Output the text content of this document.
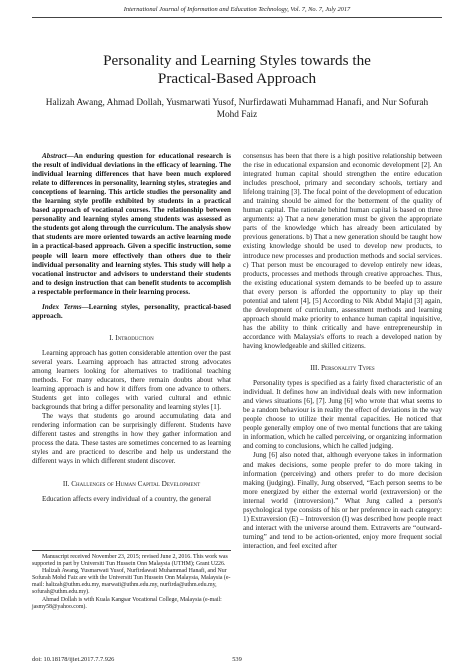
International Journal of Information and Education Technology, Vol. 7, No. 7, July 2017
Personality and Learning Styles towards the
Practical-Based Approach
Halizah Awang, Ahmad Dollah, Yusmarwati Yusof, Nurfirdawati Muhammad Hanafi, and Nur Sofurah
Mohd Faiz

Abstract—An enduring question for educational research is the result of individual deviations in the efficacy of learning. The individual learning differences that have been much explored relate to differences in personality, learning styles, strategies and conceptions of learning. This article studies the personality and the learning style profile exhibited by students in a practical based approach of vocational courses. The relationship between personality and learning styles among students was assessed as the students got along through the curriculum. The analysis show that students are more oriented towards an active learning mode in a practical-based approach. Given a specific instruction, some people will learn more effectively than others due to their individual personality and learning styles. This study will help a vocational instructor and advisors to understand their students and to design instruction that can benefit students to accomplish a respectable performance in their learning process.

Index Terms—Learning styles, personality, practical-based approach.

I. Introduction

Learning approach has gotten considerable attention over the past several years. Learning approach has attracted strong advocates among learners looking for alternatives to traditional teaching methods. For many educators, there remain doubts about what learning approach is and how it differs from one advance to others. Students get into colleges with varied cultural and ethnic backgrounds that bring a differ personality and learning styles [1].

The ways that students go around accumulating data and rendering information can be surprisingly different. Students have different tastes and strengths in how they gather information and process the data. These tastes are sometimes concerned to as learning styles and are practiced to describe and help us understand the different ways in which different student discover.

II. Challenges of Human Capital Development

Education affects every individual of a country, the general

Manuscript received November 23, 2015; revised June 2, 2016. This work was supported in part by Universiti Tun Hussein Onn Malaysia (UTHM); Grant U226.

Halizah Awang, Yusmarwati Yusof, Nurfirdawati Muhammad Hanafi, and Nur Sofurah Mohd Faiz are with the Universiti Tun Hussein Onn Malaysia, Malaysia (e-mail: halizah@uthm.edu.my, marwati@uthm.edu.my, nurfirda@uthm.edu.my, sofurah@uthm.edu.my).

Ahmad Dollah is with Kuala Kangsar Vocational College, Malaysia (e-mail: jasmy58@yahoo.com).

consensus has been that there is a high positive relationship between the rise in educational expansion and economic development [2]. An integrated human capital should strengthen the entire education includes preschool, primary and secondary schools, tertiary and lifelong training [3]. The focal point of the development of education and training should be aimed for the betterment of the quality of human capital. The rationale behind human capital is based on three arguments: a) That a new generation must be given the appropriate parts of the knowledge which has already been articulated by previous generations. b) That a new generation should be taught how existing knowledge should be used to develop new products, to introduce new processes and production methods and social services. c) That person must be encouraged to develop entirely new ideas, products, processes and methods through creative approaches. Thus, the existing educational system demands to be beefed up to assure that every person is afforded the opportunity to play up their potential and talent [4], [5] According to Nik Abdul Majid [3] again, the development of curriculum, assessment methods and learning approach should make priority to enhance human capital inquisitive, has the ability to think critically and have entrepreneurship in accordance with Malaysia's efforts to reach a developed nation by having knowledgeable and skilled citizens.

III. Personality Types

Personality types is specified as a fairly fixed characteristic of an individual. It defines how an individual deals with new information and views situations [6], [7]. Jung [6] who wrote that what seems to be a random behaviour is in reality the effect of deviations in the way people choose to utilize their mental capacities. He noticed that people generally employ one of two mental functions that are taking in information, which he called perceiving, or organizing information and coming to conclusions, which he called judging.

Jung [6] also noted that, although everyone takes in information and makes decisions, some people prefer to do more taking in information (perceiving) and others prefer to do more decision making (judging). Finally, Jung observed, “Each person seems to be more energized by either the external world (extraversion) or the internal world (introversion).” What Jung called a person's psychological type consists of his or her preference in each category: 1) Extraversion (E) – Introversion (I) was described how people react and interact with the universe around them. Extraverts are “outward-turning” and tend to be action-oriented, enjoy more frequent social interaction, and feel excited after

doi: 10.18178/ijiet.2017.7.7.926	539
